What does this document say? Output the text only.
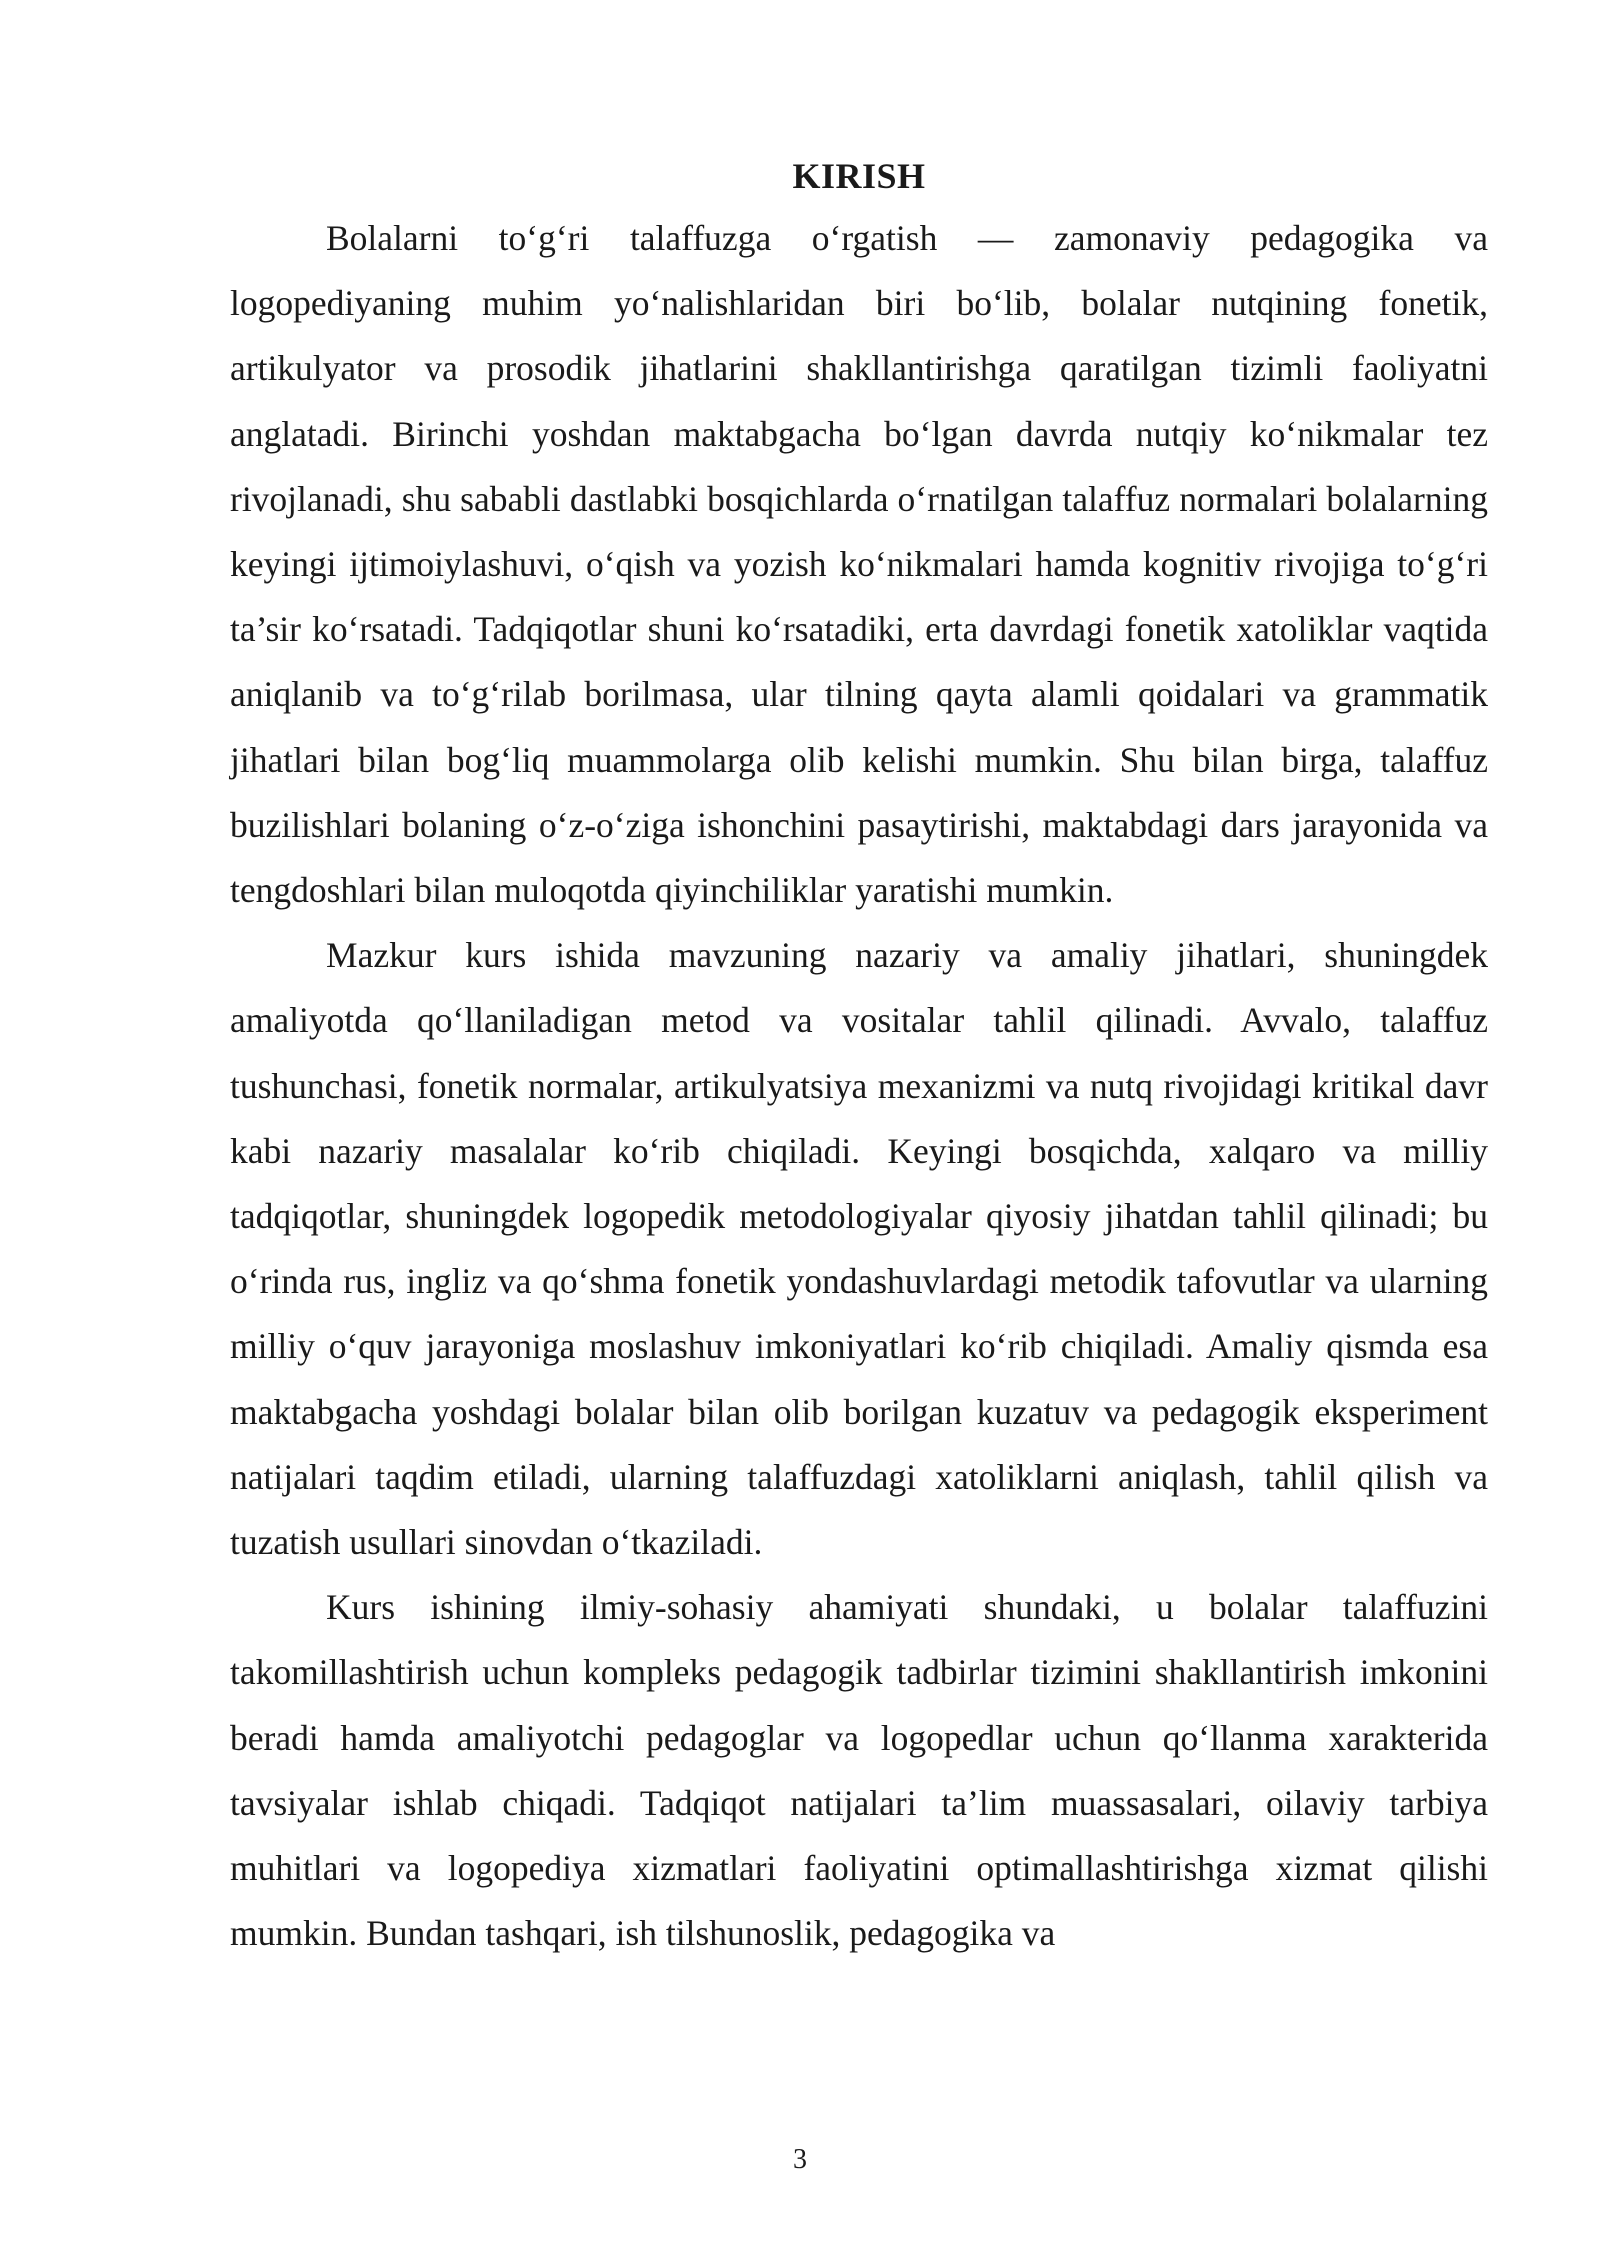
KIRISH

Bolalarni to‘g‘ri talaffuzga o‘rgatish — zamonaviy pedagogika va logopediyaning muhim yo‘nalishlaridan biri bo‘lib, bolalar nutqining fonetik, artikulyator va prosodik jihatlarini shakllantirishga qaratilgan tizimli faoliyatni anglatadi. Birinchi yoshdan maktabgacha bo‘lgan davrda nutqiy ko‘nikmalar tez rivojlanadi, shu sababli dastlabki bosqichlarda o‘rnatilgan talaffuz normalari bolalarning keyingi ijtimoiylashuvi, o‘qish va yozish ko‘nikmalari hamda kognitiv rivojiga to‘g‘ri ta’sir ko‘rsatadi. Tadqiqotlar shuni ko‘rsatadiki, erta davrdagi fonetik xatoliklar vaqtida aniqlanib va to‘g‘rilab borilmasa, ular tilning qayta alamli qoidalari va grammatik jihatlari bilan bog‘liq muammolarga olib kelishi mumkin. Shu bilan birga, talaffuz buzilishlari bolaning o‘z-o‘ziga ishonchini pasaytirishi, maktabdagi dars jarayonida va tengdoshlari bilan muloqotda qiyinchiliklar yaratishi mumkin.

Mazkur kurs ishida mavzuning nazariy va amaliy jihatlari, shuningdek amaliyotda qo‘llaniladigan metod va vositalar tahlil qilinadi. Avvalo, talaffuz tushunchasi, fonetik normalar, artikulyatsiya mexanizmi va nutq rivojidagi kritikal davr kabi nazariy masalalar ko‘rib chiqiladi. Keyingi bosqichda, xalqaro va milliy tadqiqotlar, shuningdek logopedik metodologiyalar qiyosiy jihatdan tahlil qilinadi; bu o‘rinda rus, ingliz va qo‘shma fonetik yondashuvlardagi metodik tafovutlar va ularning milliy o‘quv jarayoniga moslashuv imkoniyatlari ko‘rib chiqiladi. Amaliy qismda esa maktabgacha yoshdagi bolalar bilan olib borilgan kuzatuv va pedagogik eksperiment natijalari taqdim etiladi, ularning talaffuzdagi xatoliklarni aniqlash, tahlil qilish va tuzatish usullari sinovdan o‘tkaziladi.

Kurs ishining ilmiy-sohasiy ahamiyati shundaki, u bolalar talaffuzini takomillashtirish uchun kompleks pedagogik tadbirlar tizimini shakllantirish imkonini beradi hamda amaliyotchi pedagoglar va logopedlar uchun qo‘llanma xarakterida tavsiyalar ishlab chiqadi. Tadqiqot natijalari ta’lim muassasalari, oilaviy tarbiya muhitlari va logopediya xizmatlari faoliyatini optimallashtirishga xizmat qilishi mumkin. Bundan tashqari, ish tilshunoslik, pedagogika va

3
